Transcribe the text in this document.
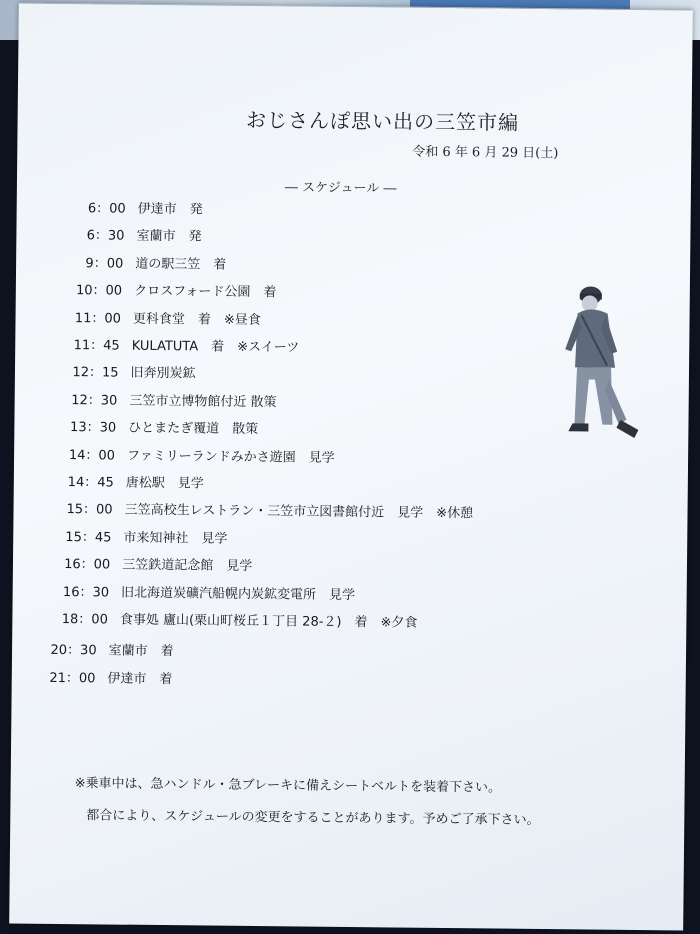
おじさんぽ思い出の三笠市編
令和 6 年 6 月 29 日(土)
― スケジュール ―
6：00 伊達市　発
6：30 室蘭市　発
9：00 道の駅三笠　着
10：00 クロスフォード公園　着
11：00 更科食堂　着　※昼食
11：45 KULATUTA　着　※スイーツ
12：15 旧奔別炭鉱
12：30 三笠市立博物館付近 散策
13：30 ひとまたぎ覆道　散策
14：00 ファミリーランドみかさ遊園　見学
14：45 唐松駅　見学
15：00 三笠高校生レストラン・三笠市立図書館付近　見学　※休憩
15：45 市来知神社　見学
16：00 三笠鉄道記念館　見学
16：30 旧北海道炭礦汽船幌内炭鉱変電所　見学
18：00 食事処 廬山(栗山町桜丘１丁目 28-２)　着　※夕食
20：30 室蘭市　着
21：00 伊達市　着
※乗車中は、急ハンドル・急ブレーキに備えシートベルトを装着下さい。
都合により、スケジュールの変更をすることがあります。予めご了承下さい。
